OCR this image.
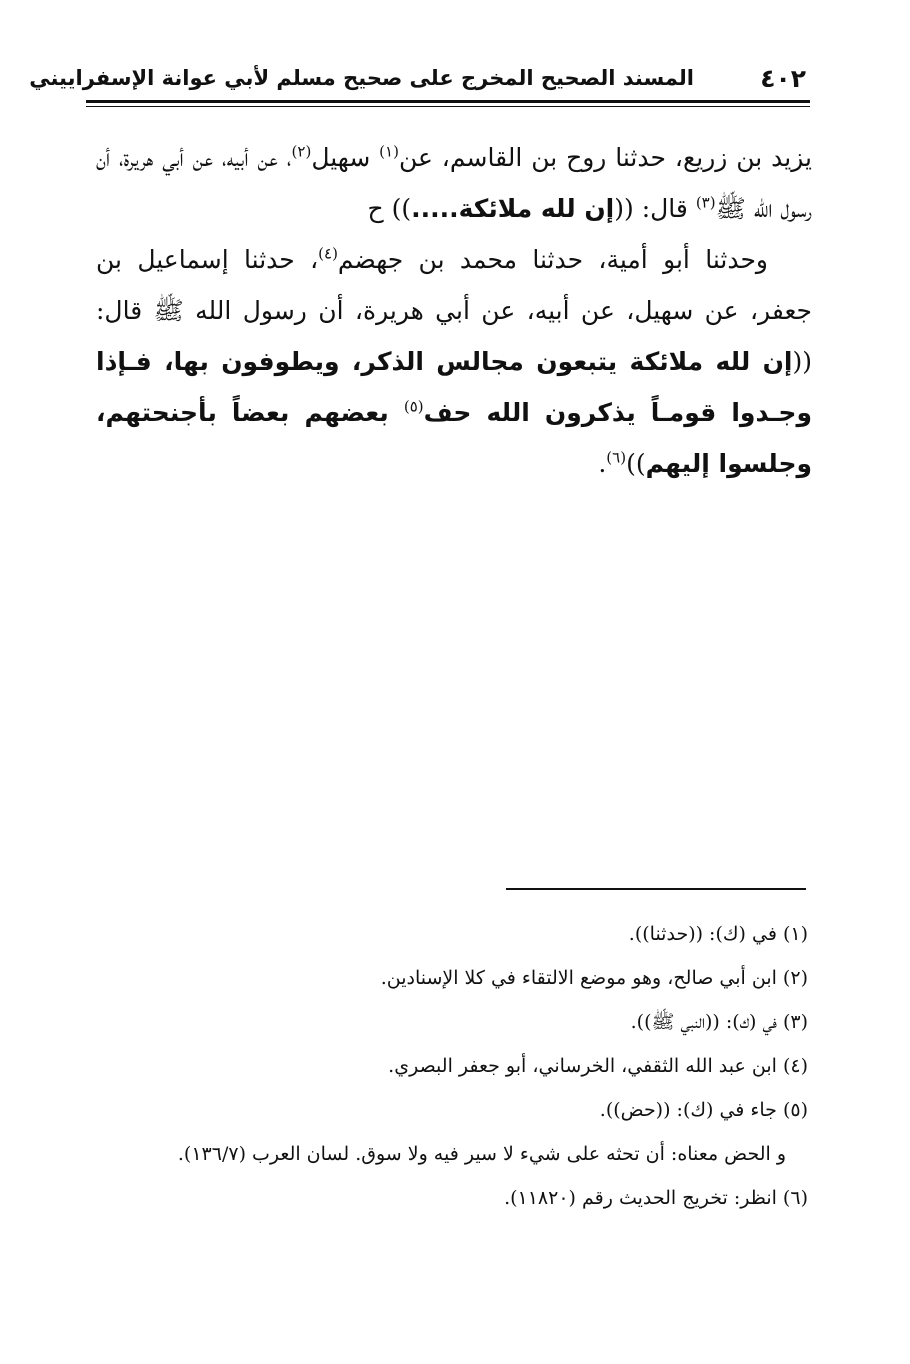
٤٠٢
المسند الصحيح المخرج على صحيح مسلم لأبي عوانة الإسفراييني

يزيد بن زريع، حدثنا روح بن القاسم، عن$^{(١)}$ سهيل$^{(٢)}$، عن أبيه، عن أبي هريرة، أن رسول الله ﷺ$^{(٣)}$ قال: ((إن لله ملائكة.....)) ح

وحدثنا أبو أمية، حدثنا محمد بن جهضم$^{(٤)}$، حدثنا إسماعيل بن جعفر، عن سهيل، عن أبيه، عن أبي هريرة، أن رسول الله ﷺ قال: ((إن لله ملائكة يتبعون مجالس الذكر، ويطوفون بها، فـإذا وجـدوا قومـاً يذكرون الله حف$^{(٥)}$ بعضهم بعضاً بأجنحتهم، وجلسوا إليهم))$^{(٦)}$.

(١) في (ك): ((حدثنا)).

(٢) ابن أبي صالح، وهو موضع الالتقاء في كلا الإسنادين.

(٣) في (ك): ((النبي ﷺ)).

(٤) ابن عبد الله الثقفي، الخرساني، أبو جعفر البصري.

(٥) جاء في (ك): ((حض)).

و الحض معناه: أن تحثه على شيء لا سير فيه ولا سوق. لسان العرب (١٣٦/٧).

(٦) انظر: تخريج الحديث رقم (١١٨٢٠).
